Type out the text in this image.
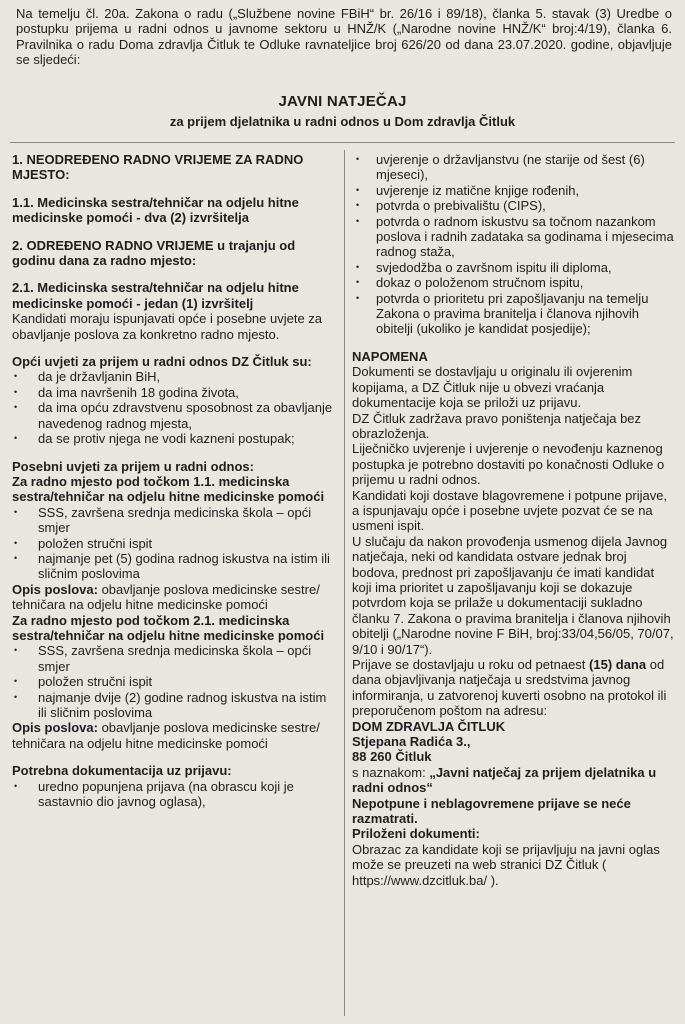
Na temelju čl. 20a. Zakona o radu („Službene novine FBiH“ br. 26/16 i 89/18), članka 5. stavak (3) Uredbe o postupku prijema u radni odnos u javnome sektoru u HNŽ/K („Narodne novine HNŽ/K“ broj:4/19), članka 6. Pravilnika o radu Doma zdravlja Čitluk te Odluke ravnateljice broj 626/20 od dana 23.07.2020. godine, objavljuje se sljedeći:

JAVNI NATJEČAJ
za prijem djelatnika u radni odnos u Dom zdravlja Čitluk

1. NEODREĐENO RADNO VRIJEME ZA RADNO MJESTO:

1.1. Medicinska sestra/tehničar na odjelu hitne medicinske pomoći - dva (2) izvršitelja

2. ODREĐENO RADNO VRIJEME u trajanju od godinu dana za radno mjesto:

2.1. Medicinska sestra/tehničar na odjelu hitne medicinske pomoći - jedan (1) izvršitelj

Kandidati moraju ispunjavati opće i posebne uvjete za obavljanje poslova za konkretno radno mjesto.

Opći uvjeti za prijem u radni odnos DZ Čitluk su:

• da je državljanin BiH,
• da ima navršenih 18 godina života,
• da ima opću zdravstvenu sposobnost za obavljanje navedenog radnog mjesta,
• da se protiv njega ne vodi kazneni postupak;

Posebni uvjeti za prijem u radni odnos:

Za radno mjesto pod točkom 1.1. medicinska sestra/tehničar na odjelu hitne medicinske pomoći

• SSS, završena srednja medicinska škola – opći smjer
• položen stručni ispit
• najmanje pet (5) godina radnog iskustva na istim ili sličnim poslovima

Opis poslova: obavljanje poslova medicinske sestre/ tehničara na odjelu hitne medicinske pomoći

Za radno mjesto pod točkom 2.1. medicinska sestra/tehničar na odjelu hitne medicinske pomoći

• SSS, završena srednja medicinska škola – opći smjer
• položen stručni ispit
• najmanje dvije (2) godine radnog iskustva na istim ili sličnim poslovima

Opis poslova: obavljanje poslova medicinske sestre/ tehničara na odjelu hitne medicinske pomoći

Potrebna dokumentacija uz prijavu:

• uredno popunjena prijava (na obrascu koji je sastavnio dio javnog oglasa),
• uvjerenje o državljanstvu (ne starije od šest (6) mjeseci),
• uvjerenje iz matične knjige rođenih,
• potvrda o prebivalištu (CIPS),
• potvrda o radnom iskustvu sa točnom nazankom poslova i radnih zadataka sa godinama i mjesecima radnog staža,
• svjedodžba o završnom ispitu ili diploma,
• dokaz o položenom stručnom ispitu,
• potvrda o prioritetu pri zapošljavanju na temelju Zakona o pravima branitelja i članova njihovih obitelji (ukoliko je kandidat posjedije);

NAPOMENA

Dokumenti se dostavljaju u originalu ili ovjerenim kopijama, a DZ Čitluk nije u obvezi vraćanja dokumentacije koja se priloži uz prijavu.

DZ Čitluk zadržava pravo poništenja natječaja bez obrazloženja.

Liječničko uvjerenje i uvjerenje o nevođenju kaznenog postupka je potrebno dostaviti po konačnosti Odluke o prijemu u radni odnos.

Kandidati koji dostave blagovremene i potpune prijave, a ispunjavaju opće i posebne uvjete pozvat će se na usmeni ispit.

U slučaju da nakon provođenja usmenog dijela Javnog natječaja, neki od kandidata ostvare jednak broj bodova, prednost pri zapošljavanju će imati kandidat koji ima prioritet u zapošljavanju koji se dokazuje potvrdom koja se prilaže u dokumentaciji sukladno članku 7. Zakona o pravima branitelja i članova njihovih obitelji („Narodne novine F BiH, broj:33/04,56/05, 70/07, 9/10 i 90/17“).

Prijave se dostavljaju u roku od petnaest (15) dana od dana objavljivanja natječaja u sredstvima javnog informiranja, u zatvorenoj kuverti osobno na protokol ili preporučenom poštom na adresu:

DOM ZDRAVLJA ČITLUK

Stjepana Radića 3.,

88 260 Čitluk

s naznakom: „Javni natječaj za prijem djelatnika u radni odnos“

Nepotpune i neblagovremene prijave se neće razmatrati.

Priloženi dokumenti:

Obrazac za kandidate koji se prijavljuju na javni oglas može se preuzeti na web stranici DZ Čitluk ( https://www.dzcitluk.ba/ ).
